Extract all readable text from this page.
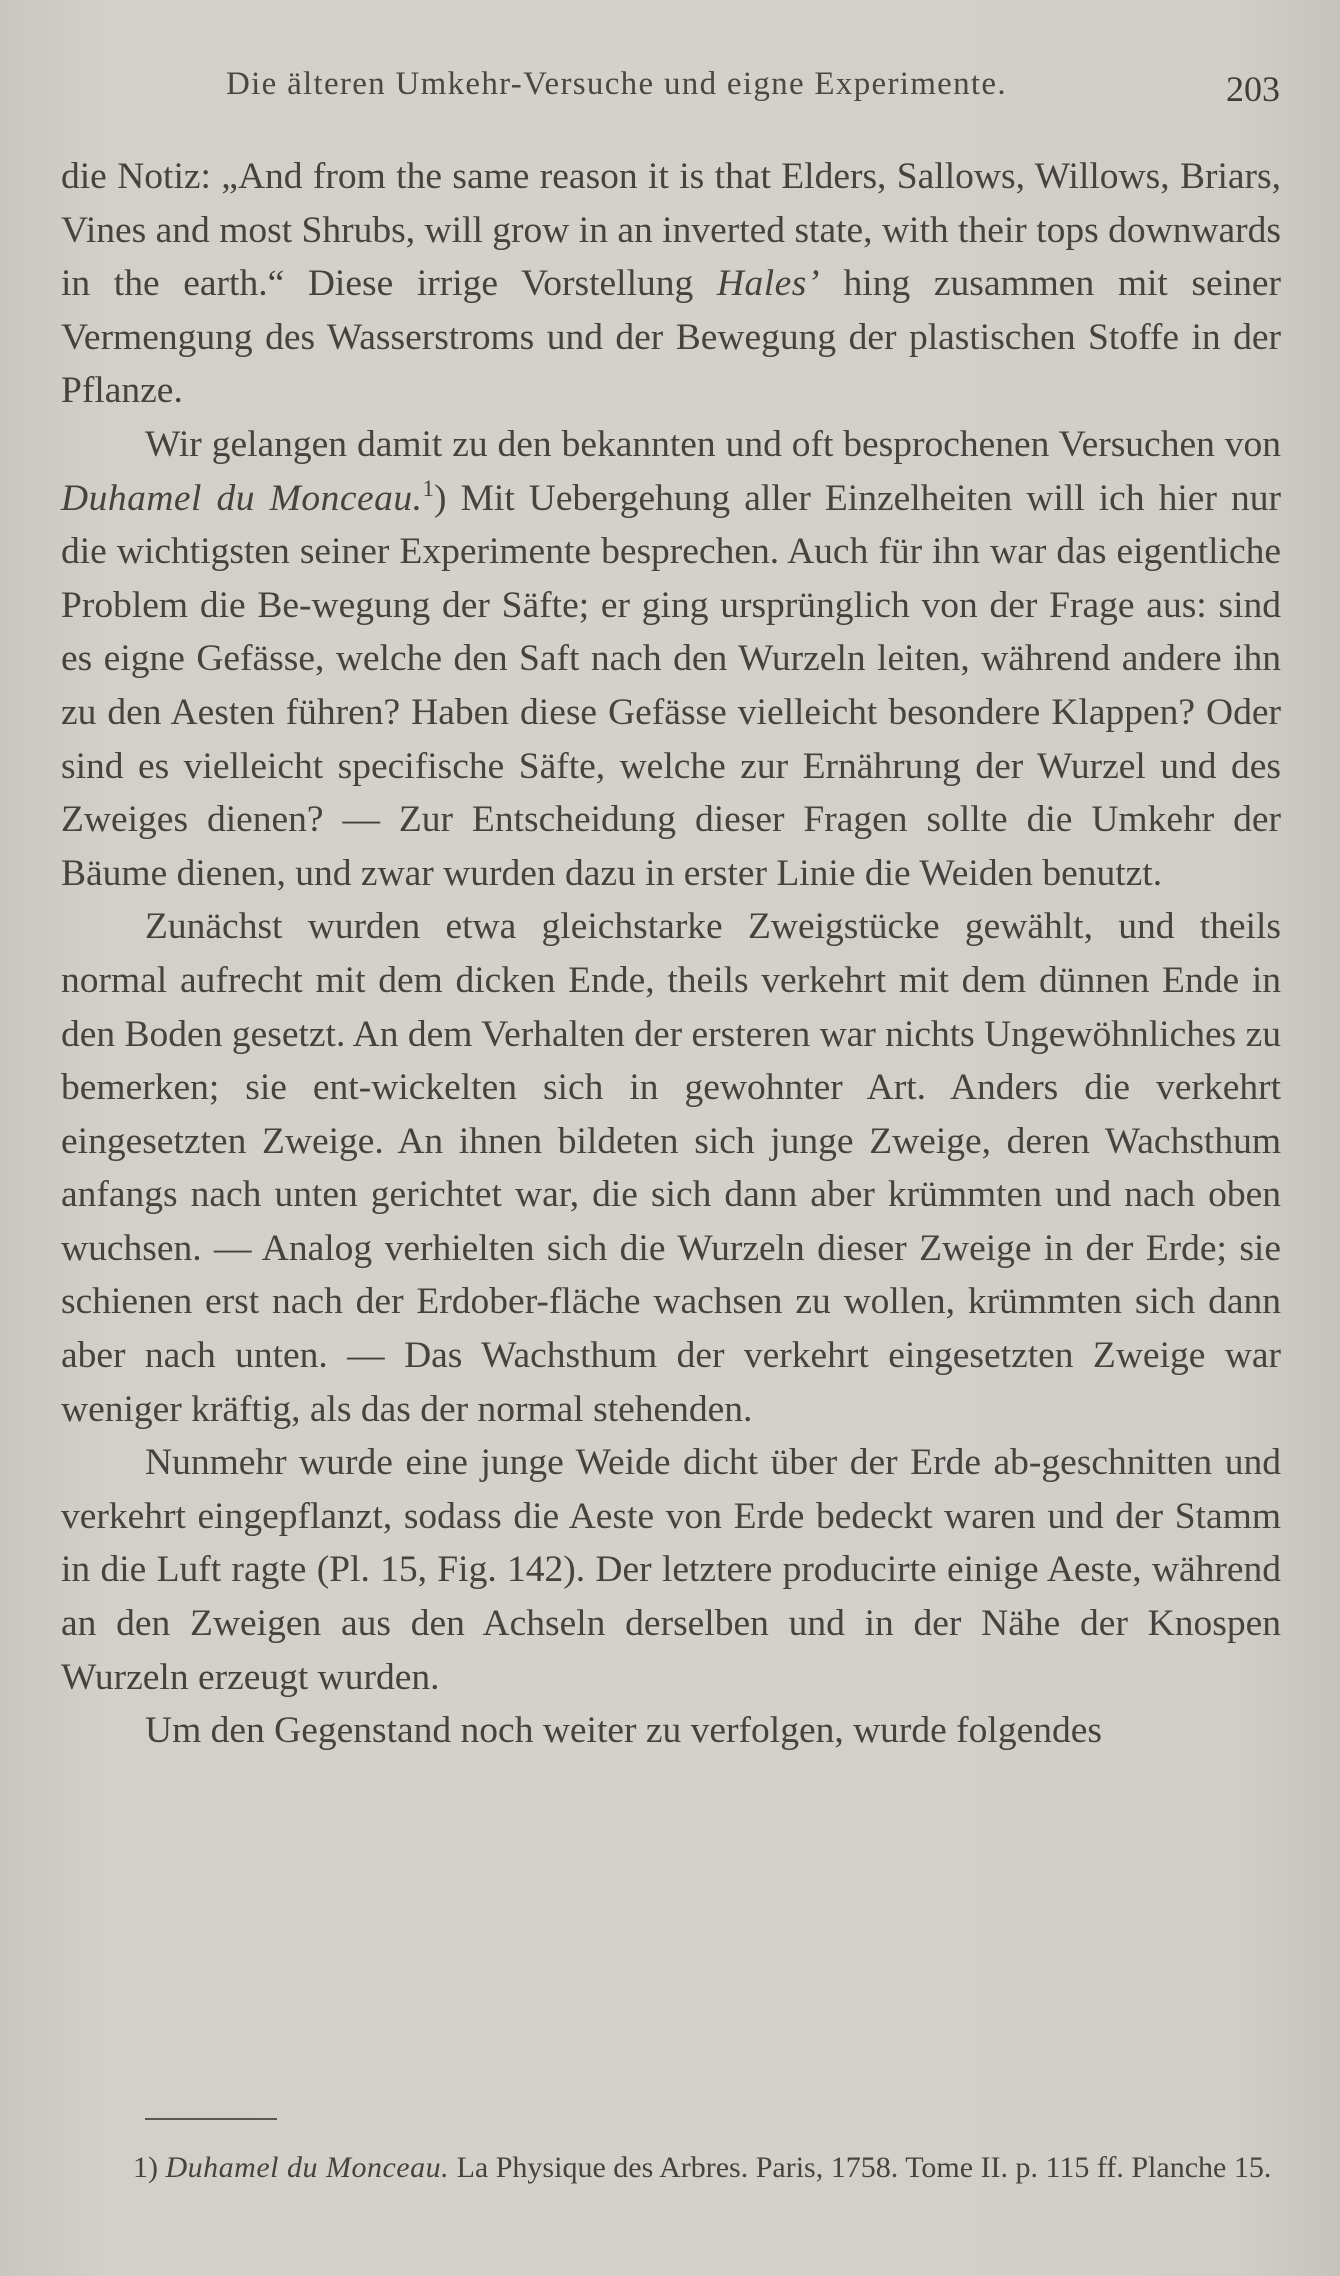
Die älteren Umkehr-Versuche und eigne Experimente.	203

die Notiz: „And from the same reason it is that Elders, Sallows, Willows, Briars, Vines and most Shrubs, will grow in an inverted state, with their tops downwards in the earth.“ Diese irrige Vorstellung Hales’ hing zusammen mit seiner Vermengung des Wasserstroms und der Bewegung der plastischen Stoffe in der Pflanze.

Wir gelangen damit zu den bekannten und oft besprochenen Versuchen von Duhamel du Monceau.$^1$) Mit Uebergehung aller Einzelheiten will ich hier nur die wichtigsten seiner Experimente besprechen. Auch für ihn war das eigentliche Problem die Be-wegung der Säfte; er ging ursprünglich von der Frage aus: sind es eigne Gefässe, welche den Saft nach den Wurzeln leiten, während andere ihn zu den Aesten führen? Haben diese Gefässe vielleicht besondere Klappen? Oder sind es vielleicht specifische Säfte, welche zur Ernährung der Wurzel und des Zweiges dienen? — Zur Entscheidung dieser Fragen sollte die Umkehr der Bäume dienen, und zwar wurden dazu in erster Linie die Weiden benutzt.

Zunächst wurden etwa gleichstarke Zweigstücke gewählt, und theils normal aufrecht mit dem dicken Ende, theils verkehrt mit dem dünnen Ende in den Boden gesetzt. An dem Verhalten der ersteren war nichts Ungewöhnliches zu bemerken; sie ent-wickelten sich in gewohnter Art. Anders die verkehrt eingesetzten Zweige. An ihnen bildeten sich junge Zweige, deren Wachsthum anfangs nach unten gerichtet war, die sich dann aber krümmten und nach oben wuchsen. — Analog verhielten sich die Wurzeln dieser Zweige in der Erde; sie schienen erst nach der Erdober-fläche wachsen zu wollen, krümmten sich dann aber nach unten. — Das Wachsthum der verkehrt eingesetzten Zweige war weniger kräftig, als das der normal stehenden.

Nunmehr wurde eine junge Weide dicht über der Erde ab-geschnitten und verkehrt eingepflanzt, sodass die Aeste von Erde bedeckt waren und der Stamm in die Luft ragte (Pl. 15, Fig. 142). Der letztere producirte einige Aeste, während an den Zweigen aus den Achseln derselben und in der Nähe der Knospen Wurzeln erzeugt wurden.

Um den Gegenstand noch weiter zu verfolgen, wurde folgendes

1) Duhamel du Monceau. La Physique des Arbres. Paris, 1758. Tome II. p. 115 ff. Planche 15.
